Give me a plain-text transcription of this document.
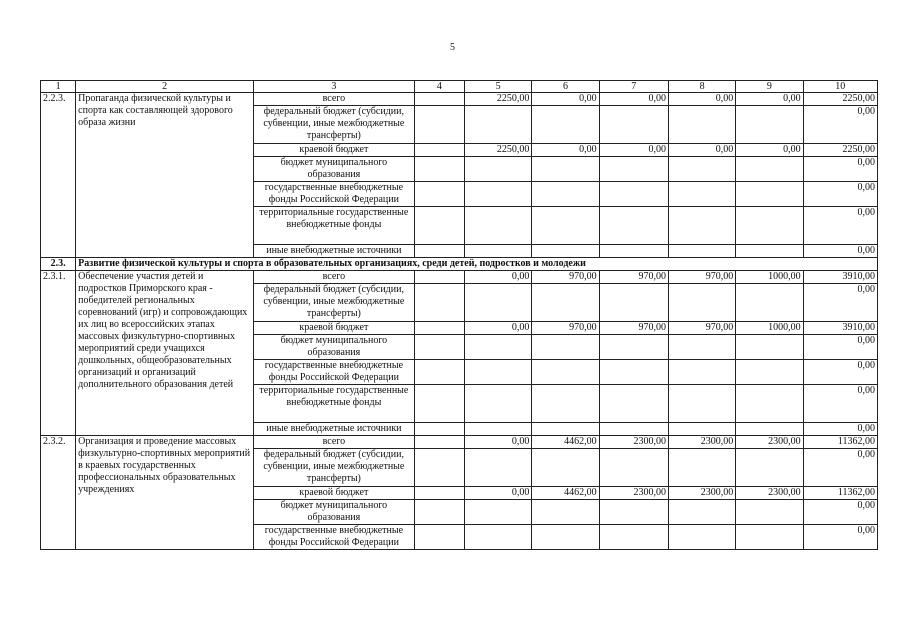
5
1	2	3	4	5	6	7	8	9	10
2.2.3.	Пропаганда физической культуры и спорта как составляющей здорового образа жизни	всего		2250,00	0,00	0,00	0,00	0,00	2250,00
		федеральный бюджет (субсидии, субвенции, иные межбюджетные трансферты)							0,00
		краевой бюджет		2250,00	0,00	0,00	0,00	0,00	2250,00
		бюджет муниципального образования							0,00
		государственные внебюджетные фонды Российской Федерации							0,00
		территориальные государственные внебюджетные фонды							0,00
		иные внебюджетные источники							0,00
2.3.	Развитие физической культуры и спорта в образовательных организациях, среди детей, подростков и молодежи								
2.3.1.	Обеспечение участия детей и подростков Приморского края - победителей региональных соревнований (игр) и сопровождающих их лиц во всероссийских этапах массовых физкультурно-спортивных мероприятий среди учащихся дошкольных, общеобразовательных организаций и организаций дополнительного образования детей	всего		0,00	970,00	970,00	970,00	1000,00	3910,00
		федеральный бюджет (субсидии, субвенции, иные межбюджетные трансферты)							0,00
		краевой бюджет		0,00	970,00	970,00	970,00	1000,00	3910,00
		бюджет муниципального образования							0,00
		государственные внебюджетные фонды Российской Федерации							0,00
		территориальные государственные внебюджетные фонды							0,00
		иные внебюджетные источники							0,00
2.3.2.	Организация и проведение массовых физкультурно-спортивных мероприятий в краевых государственных профессиональных образовательных учреждениях	всего		0,00	4462,00	2300,00	2300,00	2300,00	11362,00
		федеральный бюджет (субсидии, субвенции, иные межбюджетные трансферты)							0,00
		краевой бюджет		0,00	4462,00	2300,00	2300,00	2300,00	11362,00
		бюджет муниципального образования							0,00
		государственные внебюджетные фонды Российской Федерации							0,00
